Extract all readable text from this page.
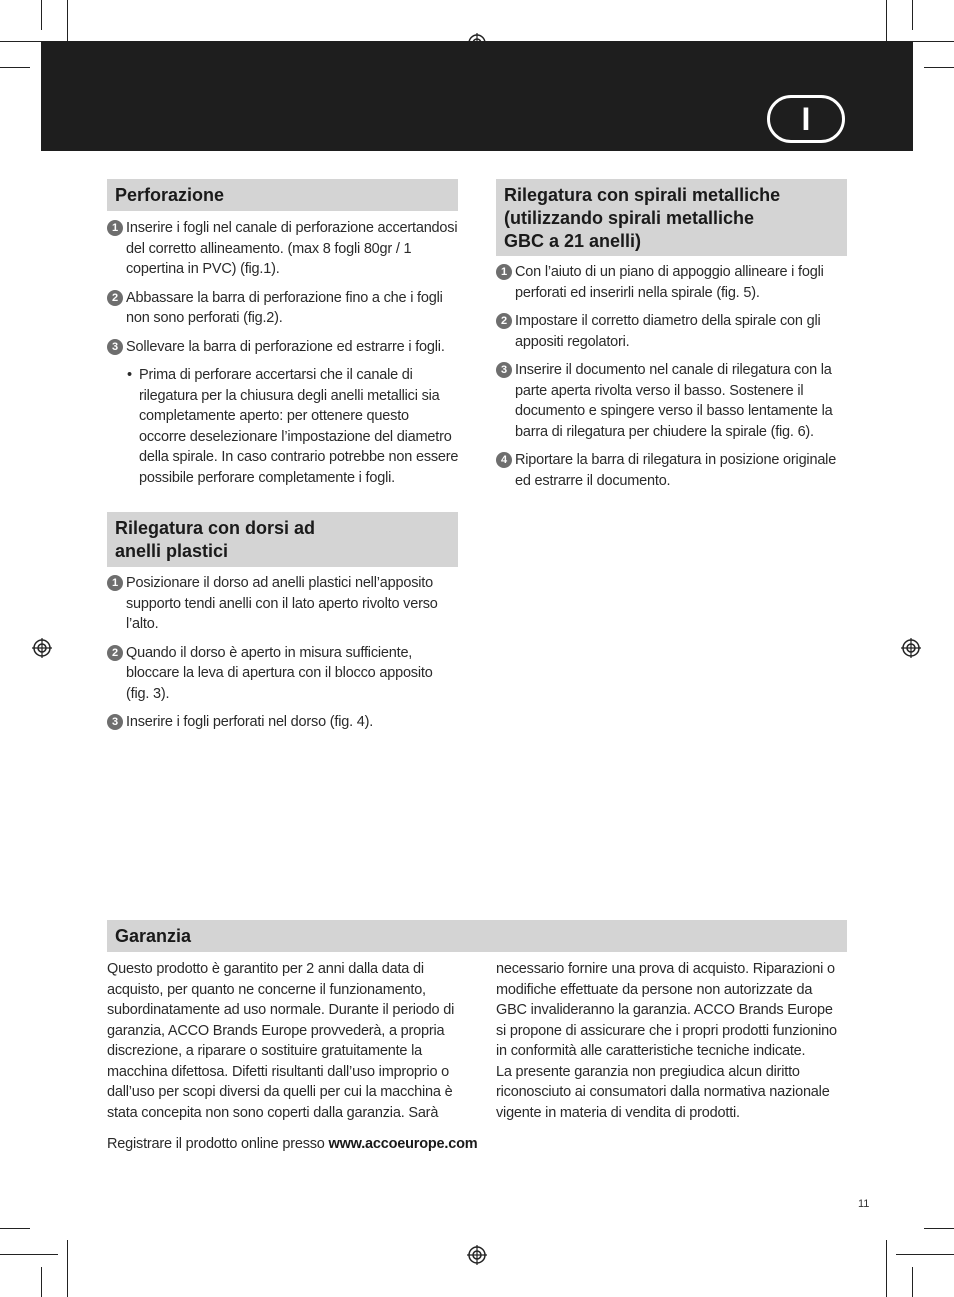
I
Perforazione
1 Inserire i fogli nel canale di perforazione accertandosi del corretto allineamento. (max 8 fogli 80gr / 1 copertina in PVC) (fig.1).
2 Abbassare la barra di perforazione fino a che i fogli non sono perforati (fig.2).
3 Sollevare la barra di perforazione ed estrarre i fogli.
• Prima di perforare accertarsi che il canale di rilegatura per la chiusura degli anelli metallici sia completamente aperto: per ottenere questo occorre deselezionare l’impostazione del diametro della spirale. In caso contrario potrebbe non essere possibile perforare completamente i fogli.
Rilegatura con dorsi ad
anelli plastici
1 Posizionare il dorso ad anelli plastici nell’apposito supporto tendi anelli con il lato aperto rivolto verso l’alto.
2 Quando il dorso è aperto in misura sufficiente, bloccare la leva di apertura con il blocco apposito (fig. 3).
3 Inserire i fogli perforati nel dorso (fig. 4).
Rilegatura con spirali metalliche
(utilizzando spirali metalliche
GBC a 21 anelli)
1 Con l’aiuto di un piano di appoggio allineare i fogli perforati ed inserirli nella spirale (fig. 5).
2 Impostare il corretto diametro della spirale con gli appositi regolatori.
3 Inserire il documento nel canale di rilegatura con la parte aperta rivolta verso il basso. Sostenere il documento e spingere verso il basso lentamente la barra di rilegatura per chiudere la spirale (fig. 6).
4 Riportare la barra di rilegatura in posizione originale ed estrarre il documento.
Garanzia
Questo prodotto è garantito per 2 anni dalla data di acquisto, per quanto ne concerne il funzionamento, subordinatamente ad uso normale. Durante il periodo di garanzia, ACCO Brands Europe provvederà, a propria discrezione, a riparare o sostituire gratuitamente la macchina difettosa. Difetti risultanti dall’uso improprio o dall’uso per scopi diversi da quelli per cui la macchina è stata concepita non sono coperti dalla garanzia. Sarà
necessario fornire una prova di acquisto. Riparazioni o modifiche effettuate da persone non autorizzate da GBC invalideranno la garanzia. ACCO Brands Europe si propone di assicurare che i propri prodotti funzionino in conformità alle caratteristiche tecniche indicate.
La presente garanzia non pregiudica alcun diritto riconosciuto ai consumatori dalla normativa nazionale vigente in materia di vendita di prodotti.
Registrare il prodotto online presso www.accoeurope.com
11
